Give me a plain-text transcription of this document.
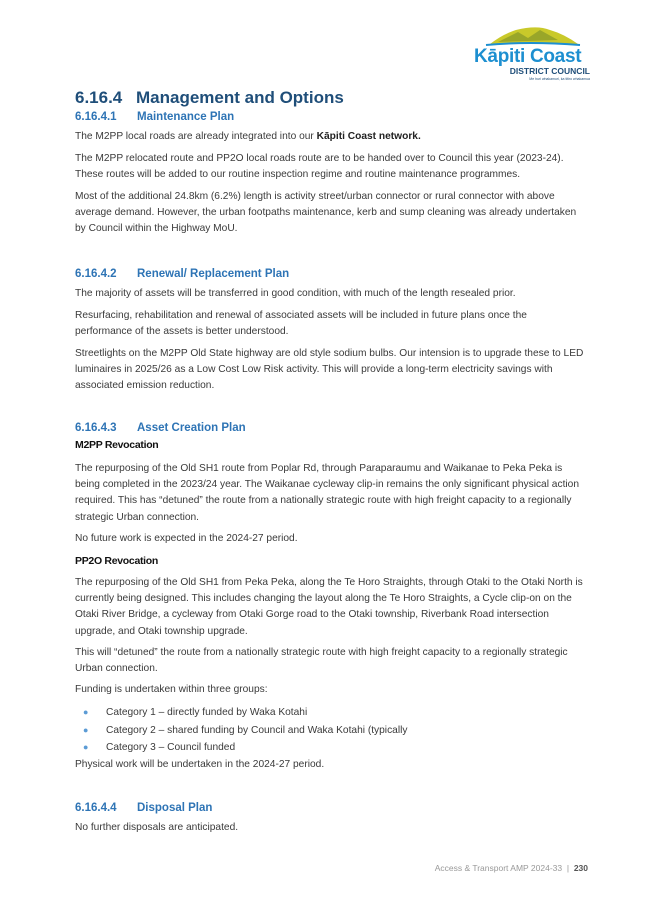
Kāpiti Coast
DISTRICT COUNCIL
Me huri whakamuri, ka titiro whakamua
6.16.4 Management and Options
6.16.4.1 Maintenance Plan

The M2PP local roads are already integrated into our Kāpiti Coast network.

The M2PP relocated route and PP2O local roads route are to be handed over to Council this year (2023-24). These routes will be added to our routine inspection regime and routine maintenance programmes.

Most of the additional 24.8km (6.2%) length is activity street/urban connector or rural connector with above average demand. However, the urban footpaths maintenance, kerb and sump cleaning was already undertaken by Council within the Highway MoU.

6.16.4.2 Renewal/ Replacement Plan

The majority of assets will be transferred in good condition, with much of the length resealed prior.

Resurfacing, rehabilitation and renewal of associated assets will be included in future plans once the performance of the assets is better understood.

Streetlights on the M2PP Old State highway are old style sodium bulbs. Our intension is to upgrade these to LED luminaires in 2025/26 as a Low Cost Low Risk activity. This will provide a long-term electricity savings with associated emission reduction.

6.16.4.3 Asset Creation Plan

M2PP Revocation

The repurposing of the Old SH1 route from Poplar Rd, through Paraparaumu and Waikanae to Peka Peka is being completed in the 2023/24 year. The Waikanae cycleway clip-in remains the only significant physical action required. This has “detuned” the route from a nationally strategic route with high freight capacity to a regionally strategic Urban connection.

No future work is expected in the 2024-27 period.

PP2O Revocation

The repurposing of the Old SH1 from Peka Peka, along the Te Horo Straights, through Otaki to the Otaki North is currently being designed. This includes changing the layout along the Te Horo Straights, a Cycle clip-on on the Otaki River Bridge, a cycleway from Otaki Gorge road to the Otaki township, Riverbank Road intersection upgrade, and Otaki township upgrade.

This will “detuned” the route from a nationally strategic route with high freight capacity to a regionally strategic Urban connection.

Funding is undertaken within three groups:

● Category 1 – directly funded by Waka Kotahi
● Category 2 – shared funding by Council and Waka Kotahi (typically
● Category 3 – Council funded

Physical work will be undertaken in the 2024-27 period.

6.16.4.4 Disposal Plan

No further disposals are anticipated.

Access & Transport AMP 2024-33 | 230
